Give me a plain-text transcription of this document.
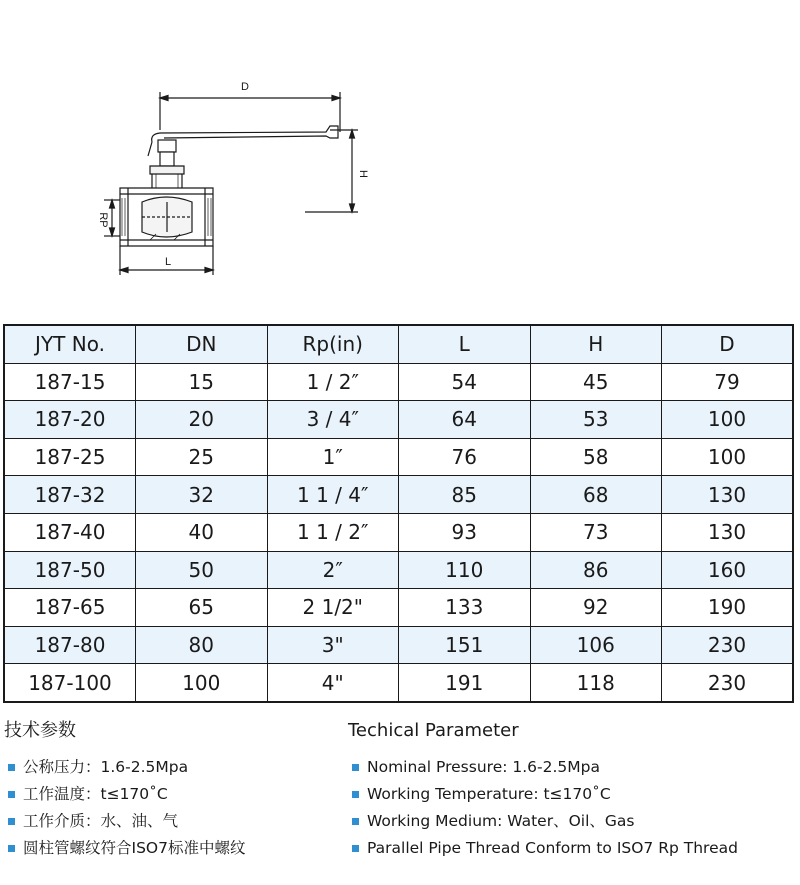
D
H
RP
L
JYT No.	DN	Rp(in)	L	H	D
187-15	15	1 / 2″	54	45	79
187-20	20	3 / 4″	64	53	100
187-25	25	1″	76	58	100
187-32	32	1 1 / 4″	85	68	130
187-40	40	1 1 / 2″	93	73	130
187-50	50	2″	110	86	160
187-65	65	2 1/2"	133	92	190
187-80	80	3"	151	106	230
187-100	100	4"	191	118	230
技术参数
公称压力：1.6-2.5Mpa
工作温度：t≤170˚C
工作介质：水、油、气
圆柱管螺纹符合ISO7标准中螺纹
Techical Parameter
Nominal Pressure: 1.6-2.5Mpa
Working Temperature: t≤170˚C
Working Medium: Water、Oil、Gas
Parallel Pipe Thread Conform to ISO7 Rp Thread
